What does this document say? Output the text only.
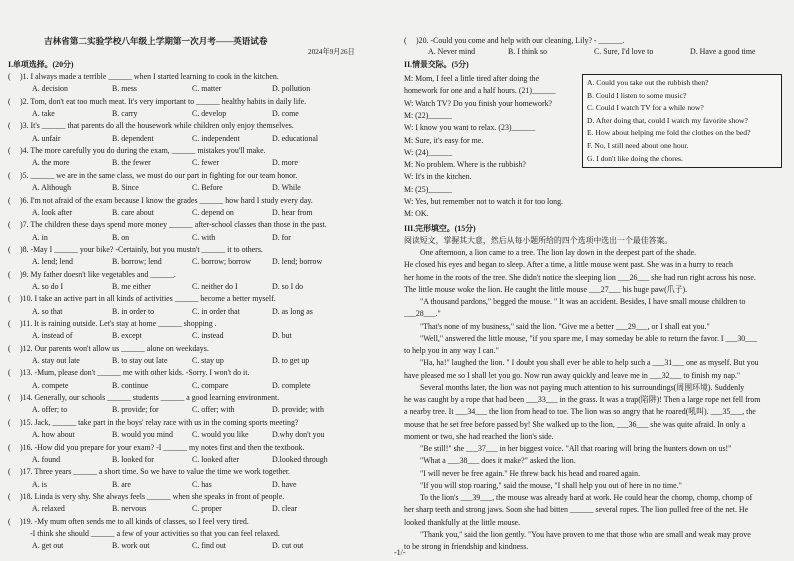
吉林省第二实验学校八年级上学期第一次月考——英语试卷
2024年9月26日
I.单项选择。(20分)
(	)1. I always made a terrible ______ when I started learning to cook in the kitchen.
A. decision	B. mess	C. matter	D. pollution
(	)2. Tom, don't eat too much meat. It's very important to ______ healthy habits in daily life.
A. take	B. carry	C. develop	D. come
(	)3. It's ______ that parents do all the housework while children only enjoy themselves.
A. unfair	B. dependent	C. independent	D. educational
(	)4. The more carefully you do during the exam, ______ mistakes you'll make.
A. the more	B. the fewer	C. fewer	D. more
(	)5. ______ we are in the same class, we must do our part in fighting for our team honor.
A. Although	B. Since	C. Before	D. While
(	)6. I'm not afraid of the exam because I know the grades ______ how hard I study every day.
A. look after	B. care about	C. depend on	D. hear from
(	)7. The children these days spend more money ______ after-school classes than those in the past.
A. in	B. on	C. with	D. for
(	)8. -May I ______ your bike? -Certainly, but you mustn't ______ it to others.
A. lend; lend	B. borrow; lend	C. borrow; borrow	D. lend; borrow
(	)9. My father doesn't like vegetables and ______.
A. so do I	B. me either	C. neither do I	D. so I do
(	)10. I take an active part in all kinds of activities ______ become a better myself.
A. so that	B. in order to	C. in order that	D. as long as
(	)11. It is raining outside. Let's stay at home ______ shopping .
A. instead of	B. except	C. instead	D. but
(	)12. Our parents won't allow us ______ alone on weekdays.
A. stay out late	B. to stay out late	C. stay up	D. to get up
(	)13. -Mum, please don't ______ me with other kids. -Sorry. I won't do it.
A. compete	B. continue	C. compare	D. complete
(	)14. Generally, our schools ______ students ______ a good learning environment.
A. offer; to	B. provide; for	C. offer; with	D. provide; with
(	)15. Jack, ______ take part in the boys' relay race with us in the coming sports meeting?
A. how about	B. would you mind	C. would you like	D.why don't you
(	)16. -How did you prepare for your exam? -I ______ my notes first and then the textbook.
A. found	B. looked for	C. looked after	D.looked through
(	)17. Three years ______ a short time. So we have to value the time we work together.
A. is	B. are	C. has	D. have
(	)18. Linda is very shy. She always feels ______ when she speaks in front of people.
A. relaxed	B. nervous	C. proper	D. clear
(	)19. -My mum often sends me to all kinds of classes, so I feel very tired.
-I think she should ______ a few of your activities so that you can feel relaxed.
A. get out	B. work out	C. find out	D. cut out
(	)20. -Could you come and help with our cleaning, Lily? - ______.
A. Never mind	B. I think so	C. Sure, I'd love to	D. Have a good time
II.情景交际。(5分)
M: Mom, I feel a little tired after doing the
homework for one and a half hours. (21)______
W: Watch TV? Do you finish your homework?
M: (22)______
W: I know you want to relax. (23)______
M: Sure, it's easy for me.
W: (24)______
M: No problem. Where is the rubbish?
W: It's in the kitchen.
M: (25)______
W: Yes, but remember not to watch it for too long.
M: OK.
A. Could you take out the rubbish then?
B. Could I listen to some music?
C. Could I watch TV for a while now?
D. After doing that, could I watch my favorite show?
E. How about helping me fold the clothes on the bed?
F. No, I still need about one hour.
G. I don't like doing the chores.
III.完形填空。(15分)
阅读短文，掌握其大意，然后从每小题所给的四个选项中选出一个最佳答案。
One afternoon, a lion came to a tree. The lion lay down in the deepest part of the shade.
He closed his eyes and began to sleep. After a time, a little mouse went past. She was in a hurry to reach
her home in the roots of the tree. She didn't notice the sleeping lion ___26___ she had run right across his nose.
The little mouse woke the lion. He caught the little mouse ___27___ his huge paw(爪子).
"A thousand pardons," begged the mouse. " It was an accident. Besides, I have small mouse children to
___28___."
"That's none of my business," said the lion. "Give me a better ___29___, or I shall eat you."
"Well," answered the little mouse, "if you spare me, I may someday be able to return the favor. I ___30___
to help you in any way I can."
"Ha, ha!" laughed the lion. " I doubt you shall ever be able to help such a ___31___ one as myself. But you
have pleased me so I shall let you go. Now run away quickly and leave me in ___32___ to finish my nap."
Several months later, the lion was not paying much attention to his surroundings(周围环境). Suddenly
he was caught by a rope that had been ___33___ in the grass. It was a trap(陷阱)! Then a large rope net fell from
a nearby tree. It ___34___ the lion from head to toe. The lion was so angry that he roared(吼叫). ___35___, the
mouse that he set free before passed by! She walked up to the lion, ___36___ she was quite afraid. In only a
moment or two, she had reached the lion's side.
"Be still!" she ___37___ in her biggest voice. "All that roaring will bring the hunters down on us!"
"What a ___38___ does it make?" asked the lion.
"I will never be free again." He threw back his head and roared again.
"If you will stop roaring," said the mouse, "I shall help you out of here in no time."
To the lion's ___39___, the mouse was already hard at work. He could hear the chomp, chomp, chomp of
her sharp teeth and strong jaws. Soon she had bitten ______ several ropes. The lion pulled free of the net. He
looked thankfully at the little mouse.
"Thank you," said the lion gently. "You have proven to me that those who are small and weak may prove
to be strong in friendship and kindness.
-1/-
